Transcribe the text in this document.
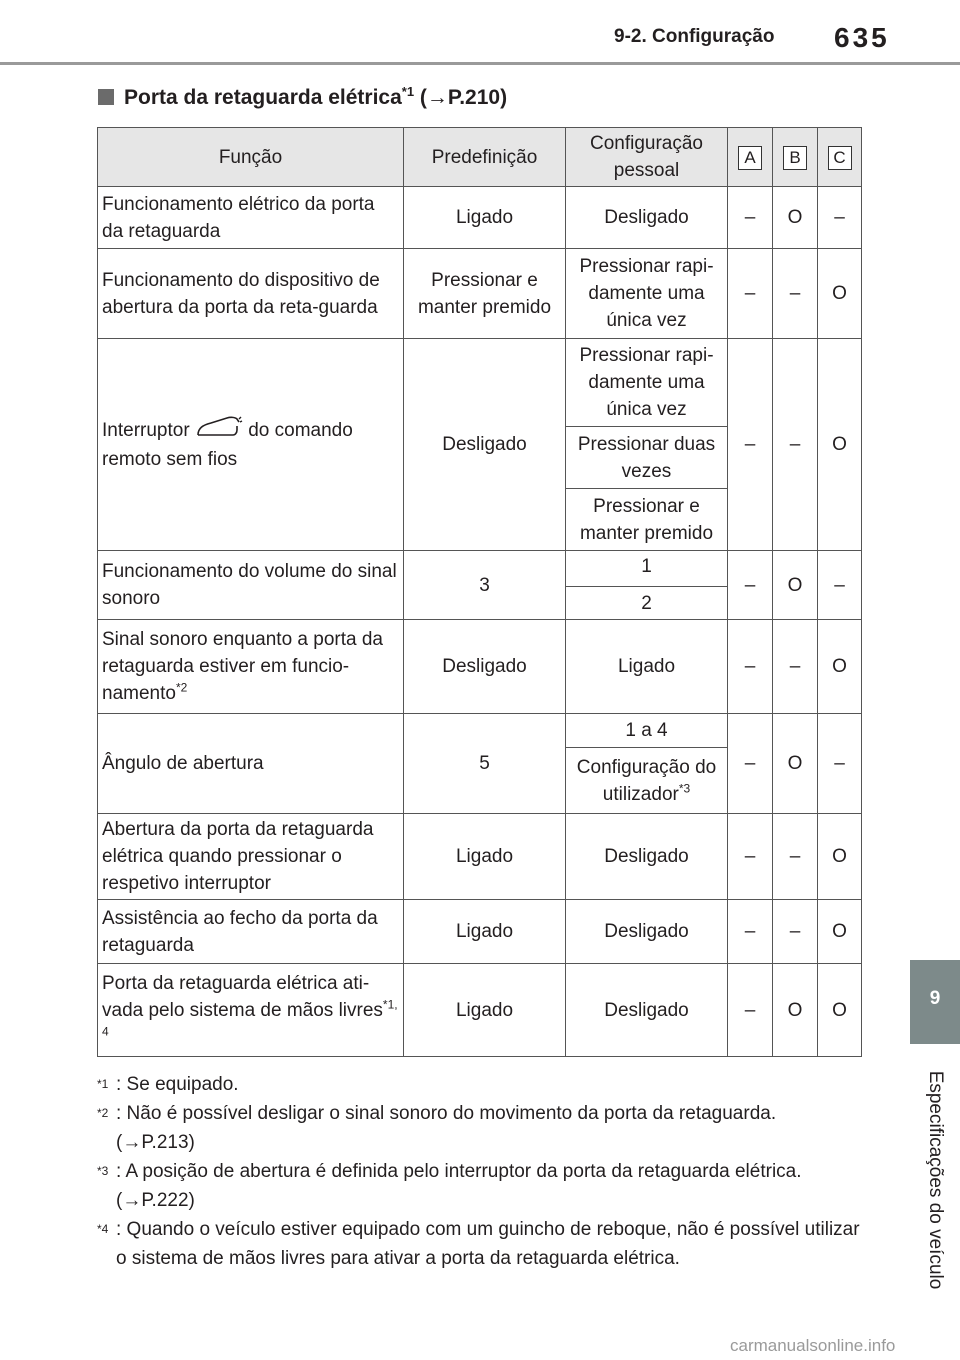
9-2. Configuração 635
Porta da retaguarda elétrica$^{*1}$ (→P.210)
Função	Predefinição	Configuração pessoal	A	B	C
Funcionamento elétrico da porta da retaguarda	Ligado	Desligado	–	O	–
Funcionamento do dispositivo de abertura da porta da reta-guarda	Pressionar e manter premido	Pressionar rapi-damente uma única vez	–	–	O
Interruptor do comando remoto sem fios	Desligado	Pressionar rapi-damente uma única vez	–	–	O
		Pressionar duas vezes			
		Pressionar e manter premido			
Funcionamento do volume do sinal sonoro	3	1	–	O	–
		2			
Sinal sonoro enquanto a porta da retaguarda estiver em funcio-namento$^{*2}$	Desligado	Ligado	–	–	O
Ângulo de abertura	5	1 a 4	–	O	–
		Configuração do utilizador$^{*3}$
Abertura da porta da retaguarda elétrica quando pressionar o respetivo interruptor	Ligado	Desligado	–	–	O
Assistência ao fecho da porta da retaguarda	Ligado	Desligado	–	–	O
Porta da retaguarda elétrica ati-vada pelo sistema de mãos livres$^{*1, 4}$	Ligado	Desligado	–	O	O
*1 : Se equipado.
*2 : Não é possível desligar o sinal sonoro do movimento da porta da retaguarda.
(→P.213)
*3 : A posição de abertura é definida pelo interruptor da porta da retaguarda elétrica.
(→P.222)
*4 : Quando o veículo estiver equipado com um guincho de reboque, não é possível utilizar o sistema de mãos livres para ativar a porta da retaguarda elétrica.
9
Especificações do veículo
carmanualsonline.info
